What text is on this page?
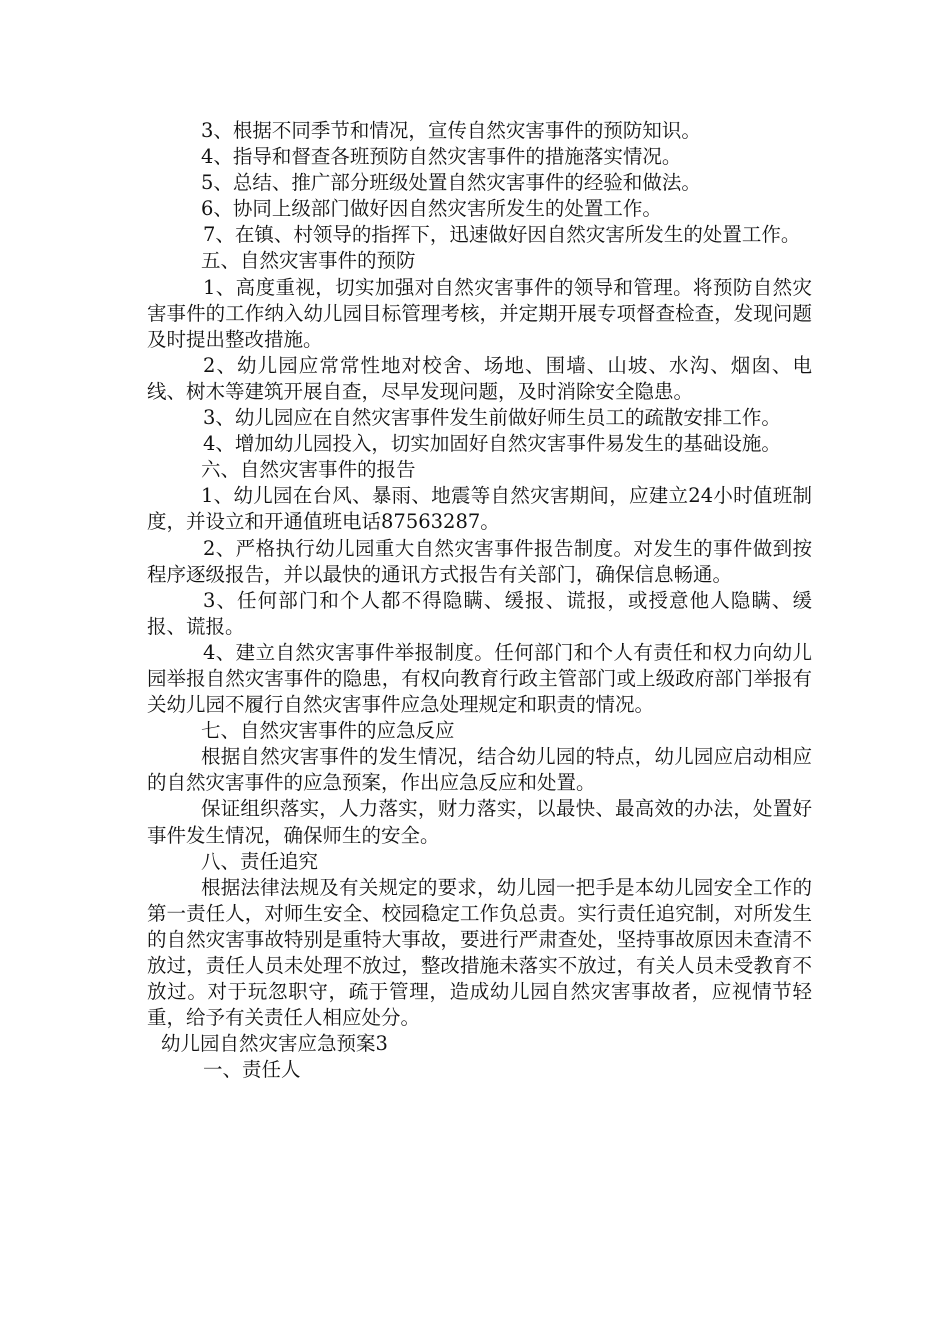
3、根据不同季节和情况，宣传自然灾害事件的预防知识。

4、指导和督查各班预防自然灾害事件的措施落实情况。

5、总结、推广部分班级处置自然灾害事件的经验和做法。

6、协同上级部门做好因自然灾害所发生的处置工作。

7、在镇、村领导的指挥下，迅速做好因自然灾害所发生的处置工作。

五、自然灾害事件的预防

1、高度重视，切实加强对自然灾害事件的领导和管理。将预防自然灾害事件的工作纳入幼儿园目标管理考核，并定期开展专项督查检查，发现问题及时提出整改措施。

2、幼儿园应常常性地对校舍、场地、围墙、山坡、水沟、烟囱、电线、树木等建筑开展自查，尽早发现问题，及时消除安全隐患。

3、幼儿园应在自然灾害事件发生前做好师生员工的疏散安排工作。

4、增加幼儿园投入，切实加固好自然灾害事件易发生的基础设施。

六、自然灾害事件的报告

1、幼儿园在台风、暴雨、地震等自然灾害期间，应建立24小时值班制度，并设立和开通值班电话87563287。

2、严格执行幼儿园重大自然灾害事件报告制度。对发生的事件做到按程序逐级报告，并以最快的通讯方式报告有关部门，确保信息畅通。

3、任何部门和个人都不得隐瞒、缓报、谎报，或授意他人隐瞒、缓报、谎报。

4、建立自然灾害事件举报制度。任何部门和个人有责任和权力向幼儿园举报自然灾害事件的隐患，有权向教育行政主管部门或上级政府部门举报有关幼儿园不履行自然灾害事件应急处理规定和职责的情况。

七、自然灾害事件的应急反应

根据自然灾害事件的发生情况，结合幼儿园的特点，幼儿园应启动相应的自然灾害事件的应急预案，作出应急反应和处置。

保证组织落实，人力落实，财力落实，以最快、最高效的办法，处置好事件发生情况，确保师生的安全。

八、责任追究

根据法律法规及有关规定的要求，幼儿园一把手是本幼儿园安全工作的第一责任人，对师生安全、校园稳定工作负总责。实行责任追究制，对所发生的自然灾害事故特别是重特大事故，要进行严肃查处，坚持事故原因未查清不放过，责任人员未处理不放过，整改措施未落实不放过，有关人员未受教育不放过。对于玩忽职守，疏于管理，造成幼儿园自然灾害事故者，应视情节轻重，给予有关责任人相应处分。

幼儿园自然灾害应急预案3

一、责任人
